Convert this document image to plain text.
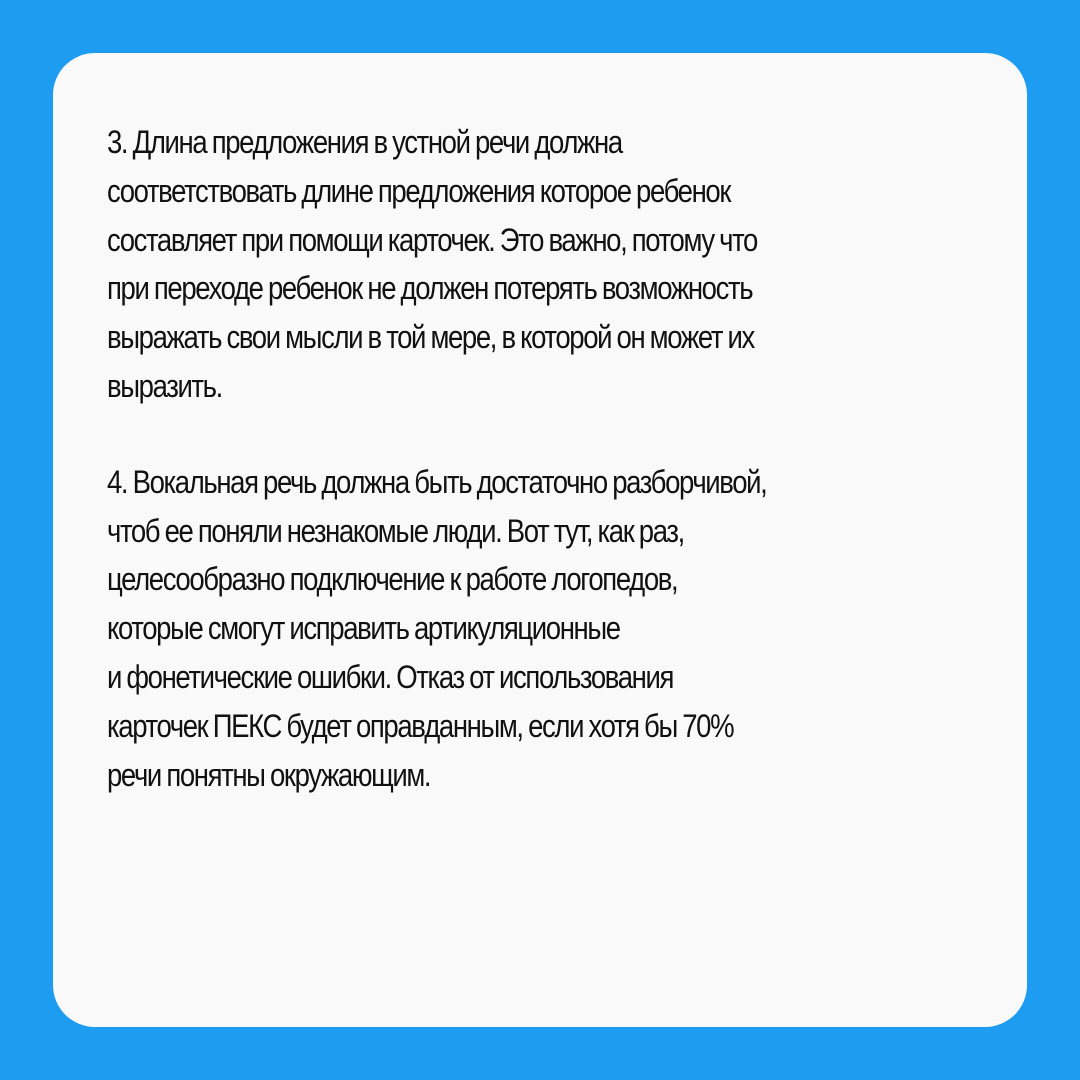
3. Длина предложения в устной речи должна
соответствовать длине предложения которое ребенок
составляет при помощи карточек. Это важно, потому что
при переходе ребенок не должен потерять возможность
выражать свои мысли в той мере, в которой он может их
выразить.

4. Вокальная речь должна быть достаточно разборчивой,
чтоб ее поняли незнакомые люди. Вот тут, как раз,
целесообразно подключение к работе логопедов,
которые смогут исправить артикуляционные
и фонетические ошибки. Отказ от использования
карточек ПЕКС будет оправданным, если хотя бы 70%
речи понятны окружающим.
